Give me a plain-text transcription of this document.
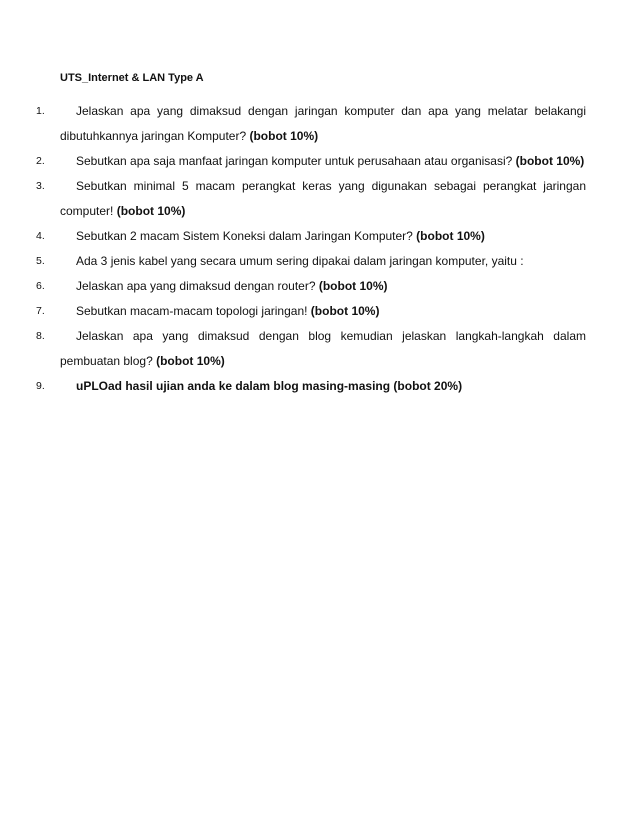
UTS_Internet & LAN Type A
1.	Jelaskan apa yang dimaksud dengan jaringan komputer dan apa yang melatar belakangi dibutuhkannya jaringan Komputer? (bobot 10%)
2.	Sebutkan apa saja manfaat jaringan komputer untuk perusahaan atau organisasi? (bobot 10%)
3.	Sebutkan minimal 5 macam perangkat keras yang digunakan sebagai perangkat jaringan computer! (bobot 10%)
4.	Sebutkan 2 macam Sistem Koneksi dalam Jaringan Komputer? (bobot 10%)
5.	Ada 3 jenis kabel yang secara umum sering dipakai dalam jaringan komputer, yaitu :
6.	Jelaskan apa yang dimaksud dengan router? (bobot 10%)
7.	Sebutkan macam-macam topologi jaringan! (bobot 10%)
8.	Jelaskan apa yang dimaksud dengan blog kemudian jelaskan langkah-langkah dalam pembuatan blog? (bobot 10%)
9.	uPLOad hasil ujian anda ke dalam blog masing-masing (bobot 20%)
